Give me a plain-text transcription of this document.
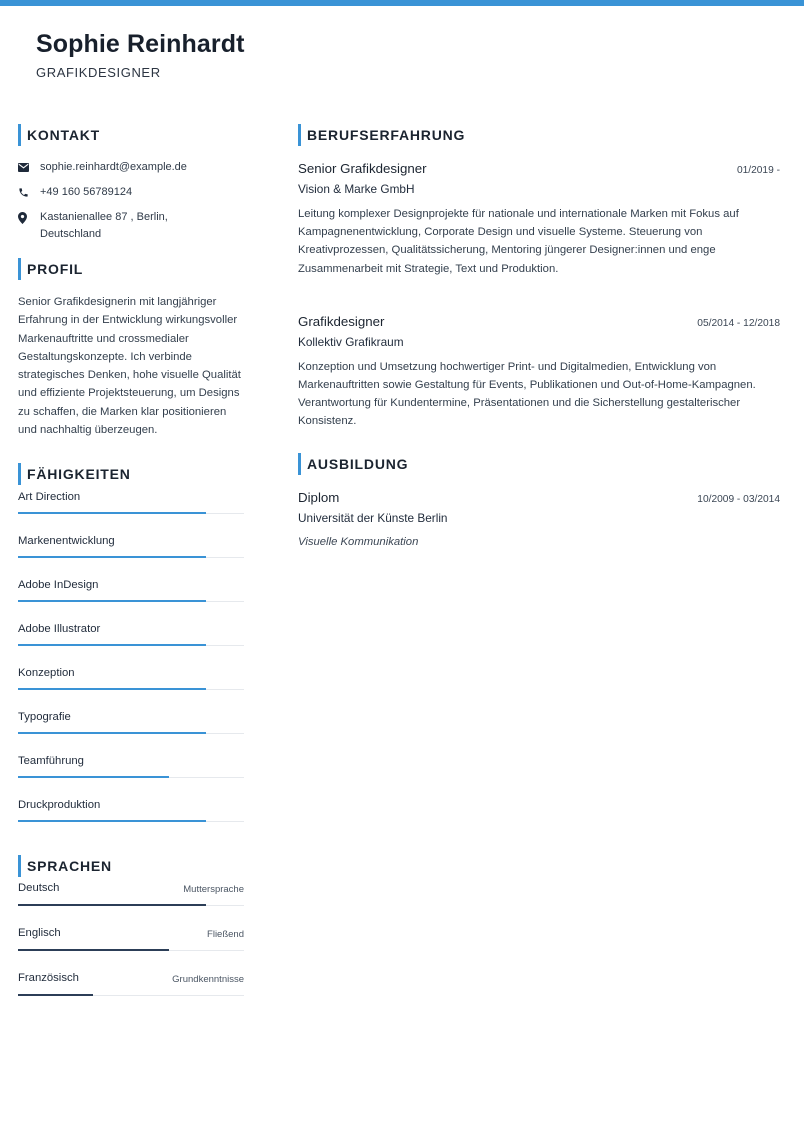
Sophie Reinhardt
GRAFIKDESIGNER
KONTAKT
sophie.reinhardt@example.de
+49 160 56789124
Kastanienallee 87 , Berlin, Deutschland
PROFIL

Senior Grafikdesignerin mit langjähriger Erfahrung in der Entwicklung wirkungsvoller Markenauftritte und crossmedialer Gestaltungskonzepte. Ich verbinde strategisches Denken, hohe visuelle Qualität und effiziente Projektsteuerung, um Designs zu schaffen, die Marken klar positionieren und nachhaltig überzeugen.

FÄHIGKEITEN
Art Direction
Markenentwicklung
Adobe InDesign
Adobe Illustrator
Konzeption
Typografie
Teamführung
Druckproduktion
SPRACHEN
Deutsch	Muttersprache
Englisch	Fließend
Französisch	Grundkenntnisse
BERUFSERFAHRUNG
Senior Grafikdesigner	01/2019 -
Vision & Marke GmbH

Leitung komplexer Designprojekte für nationale und internationale Marken mit Fokus auf Kampagnenentwicklung, Corporate Design und visuelle Systeme. Steuerung von Kreativprozessen, Qualitätssicherung, Mentoring jüngerer Designer:innen und enge Zusammenarbeit mit Strategie, Text und Produktion.

Grafikdesigner	05/2014 - 12/2018
Kollektiv Grafikraum

Konzeption und Umsetzung hochwertiger Print- und Digitalmedien, Entwicklung von Markenauftritten sowie Gestaltung für Events, Publikationen und Out-of-Home-Kampagnen. Verantwortung für Kundentermine, Präsentationen und die Sicherstellung gestalterischer Konsistenz.

AUSBILDUNG
Diplom	10/2009 - 03/2014
Universität der Künste Berlin
Visuelle Kommunikation
